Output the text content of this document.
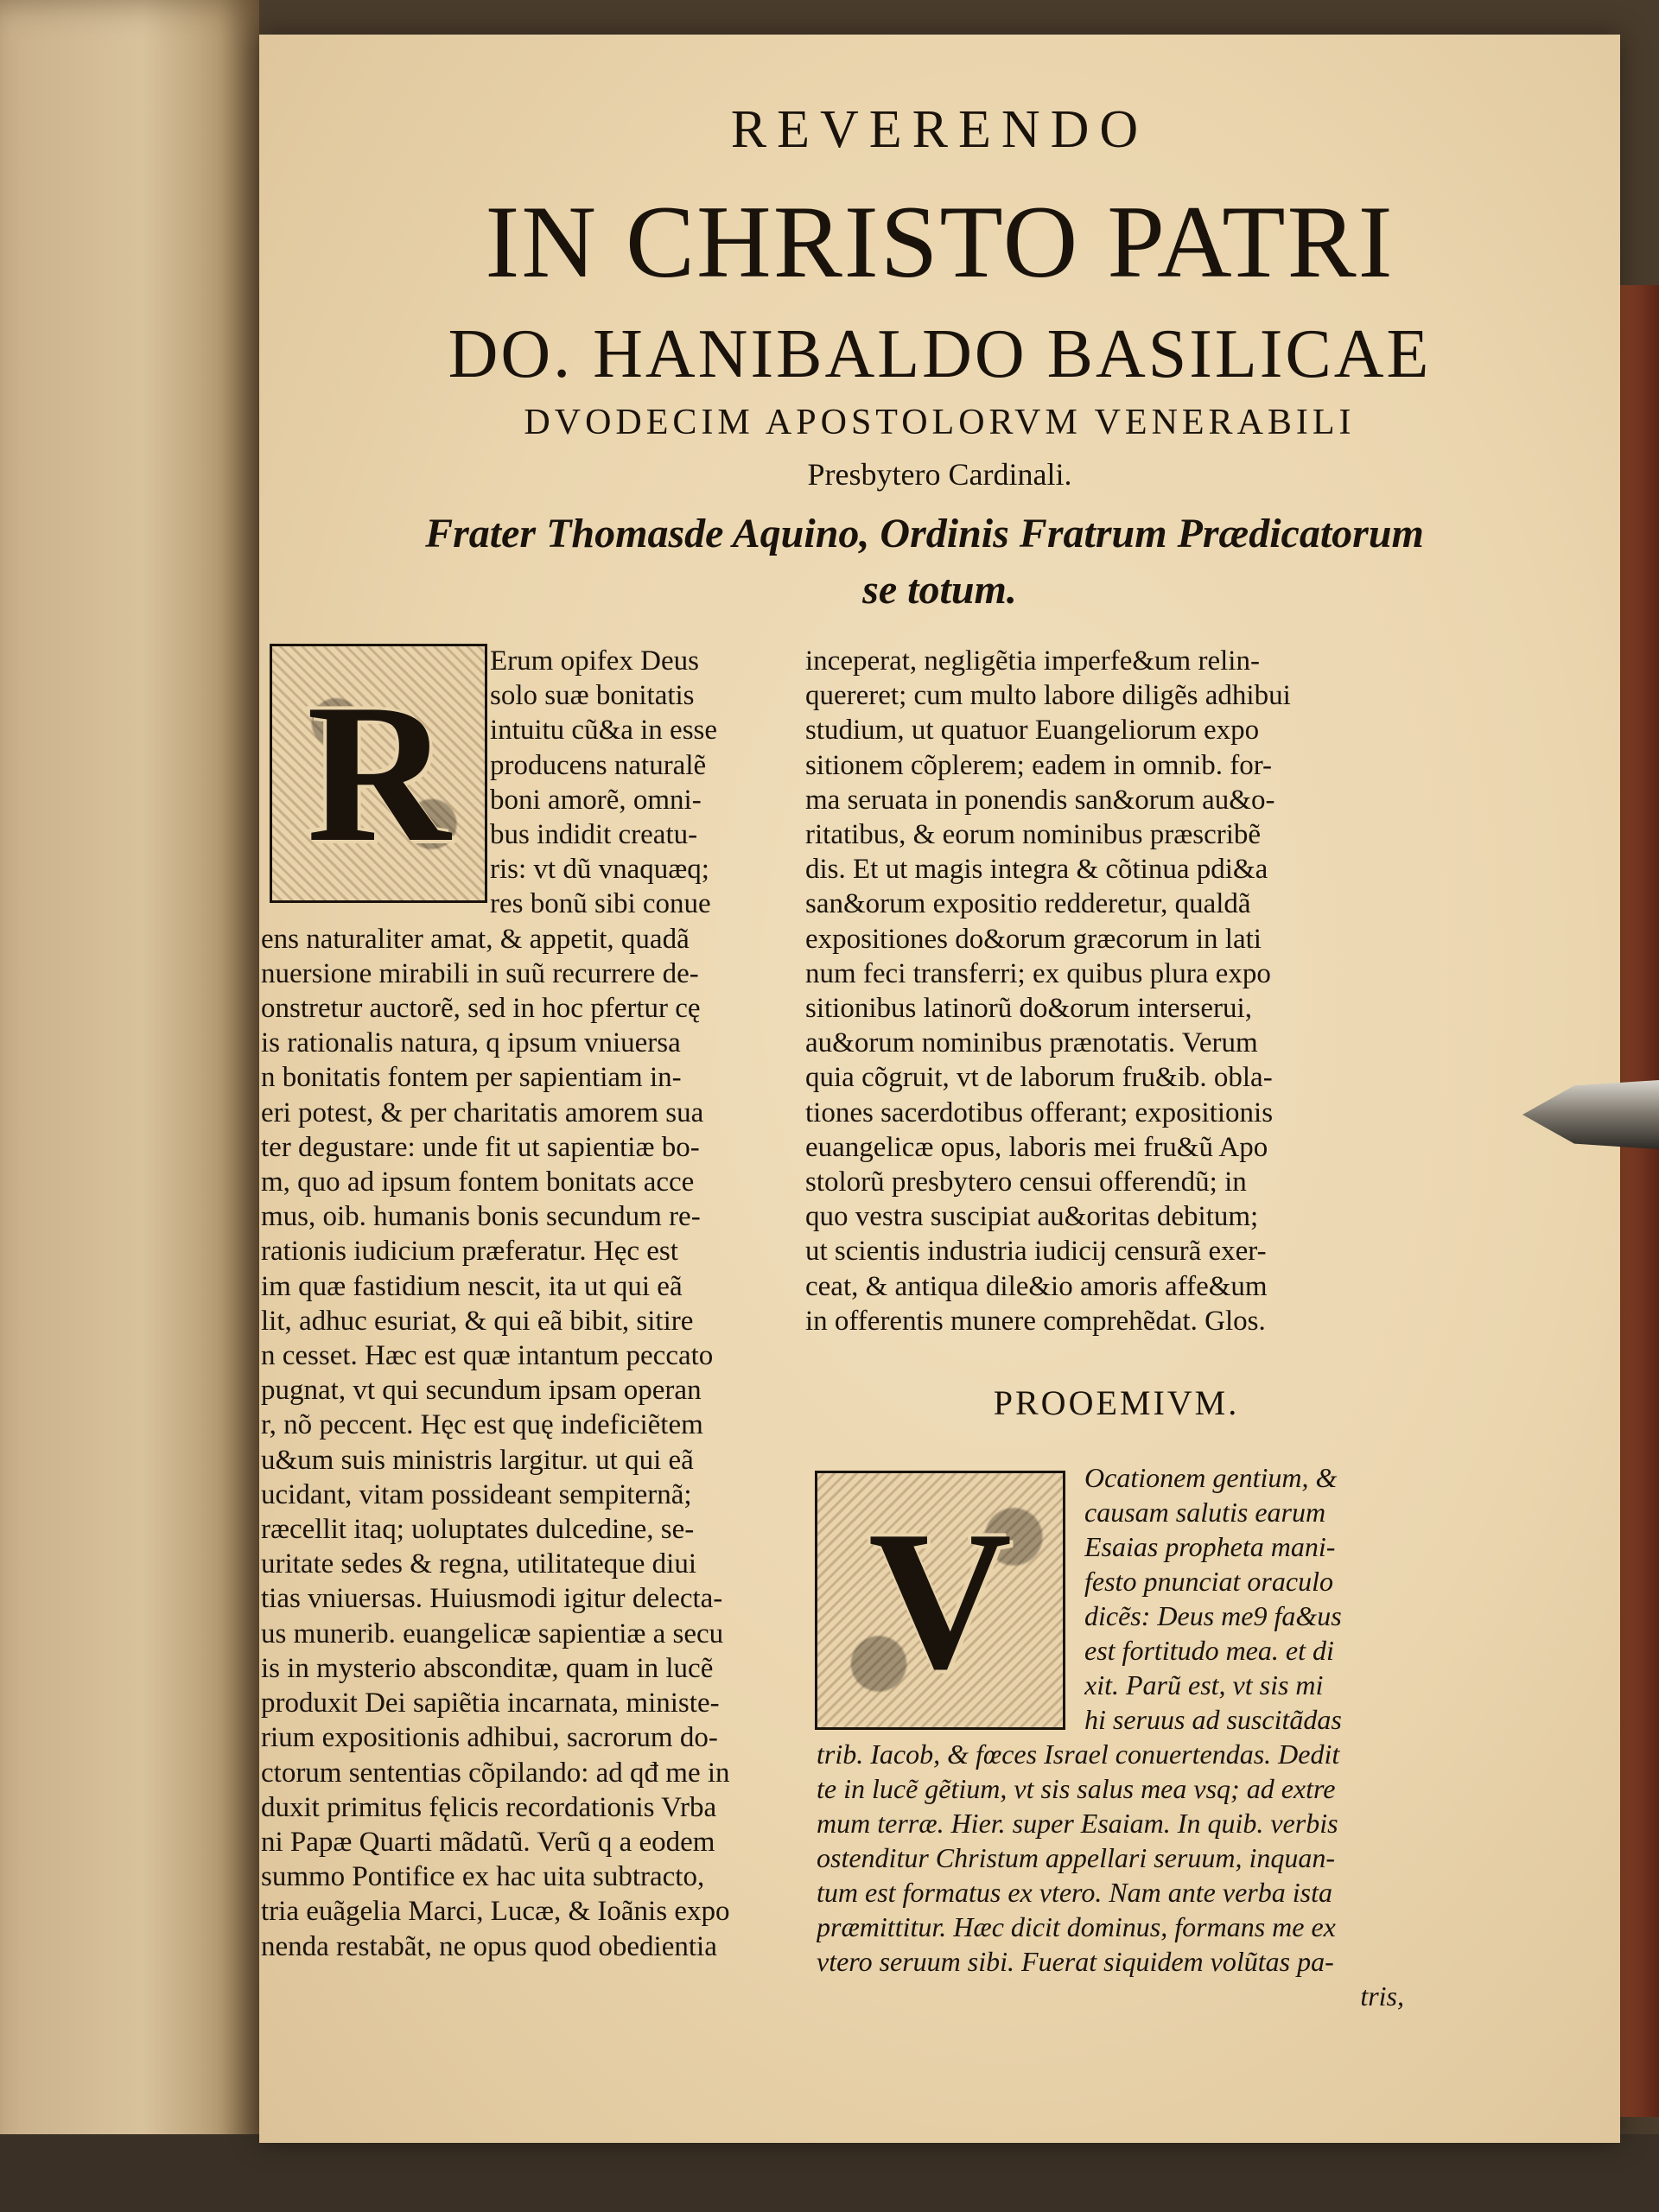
REVERENDO
IN CHRISTO PATRI
DO. HANIBALDO BASILICAE
DVODECIM APOSTOLORVM VENERABILI
Presbytero Cardinali.
Frater Thomasde Aquino, Ordinis Fratrum Prædicatorum
se totum.
R
Erum opifex Deus
solo suæ bonitatis
intuitu cũ&a in esse
producens naturalẽ
boni amorẽ, omni-
bus indidit creatu-
ris: vt dũ vnaquæq;
res bonũ sibi conue
ens naturaliter amat, & appetit, quadã
nuersione mirabili in suũ recurrere de-
onstretur auctorẽ, sed in hoc pfertur cę
is rationalis natura, q ipsum vniuersa
n bonitatis fontem per sapientiam in-
eri potest, & per charitatis amorem sua
ter degustare: unde fit ut sapientiæ bo-
m, quo ad ipsum fontem bonitats acce
mus, oib. humanis bonis secundum re-
rationis iudicium præferatur. Hęc est
im quæ fastidium nescit, ita ut qui eã
lit, adhuc esuriat, & qui eã bibit, sitire
n cesset. Hæc est quæ intantum peccato
pugnat, vt qui secundum ipsam operan
r, nõ peccent. Hęc est quę indeficiẽtem
u&um suis ministris largitur. ut qui eã
ucidant, vitam possideant sempiternã;
ræcellit itaq; uoluptates dulcedine, se-
uritate sedes & regna, utilitateque diui
tias vniuersas. Huiusmodi igitur delecta-
us munerib. euangelicæ sapientiæ a secu
is in mysterio absconditæ, quam in lucẽ
produxit Dei sapiẽtia incarnata, ministe-
rium expositionis adhibui, sacrorum do-
ctorum sententias cõpilando: ad qđ me in
duxit primitus fęlicis recordationis Vrba
ni Papæ Quarti mãdatũ. Verũ q a eodem
summo Pontifice ex hac uita subtracto,
tria euãgelia Marci, Lucæ, & Ioãnis expo
nenda restabãt, ne opus quod obedientia
inceperat, negligẽtia imperfe&um relin-
quereret; cum multo labore diligẽs adhibui
studium, ut quatuor Euangeliorum expo
sitionem cõplerem; eadem in omnib. for-
ma seruata in ponendis san&orum au&o-
ritatibus, & eorum nominibus præscribẽ
dis. Et ut magis integra & cõtinua pdi&a
san&orum expositio redderetur, qualdã
expositiones do&orum græcorum in lati
num feci transferri; ex quibus plura expo
sitionibus latinorũ do&orum interserui,
au&orum nominibus prænotatis. Verum
quia cõgruit, vt de laborum fru&ib. obla-
tiones sacerdotibus offerant; expositionis
euangelicæ opus, laboris mei fru&ũ Apo
stolorũ presbytero censui offerendũ; in
quo vestra suscipiat au&oritas debitum;
ut scientis industria iudicij censurã exer-
ceat, & antiqua dile&io amoris affe&um
in offerentis munere comprehẽdat. Glos.
PROOEMIVM.
V
Ocationem gentium, &
causam salutis earum
Esaias propheta mani-
festo pnunciat oraculo
dicẽs: Deus me9 fa&us
est fortitudo mea. et di
xit. Parũ est, vt sis mi
hi seruus ad suscitãdas
trib. Iacob, & fœces Israel conuertendas. Dedit
te in lucẽ gẽtium, vt sis salus mea vsq; ad extre
mum terræ. Hier. super Esaiam. In quib. verbis
ostenditur Christum appellari seruum, inquan-
tum est formatus ex vtero. Nam ante verba ista
præmittitur. Hæc dicit dominus, formans me ex
vtero seruum sibi. Fuerat siquidem volũtas pa-
tris,
